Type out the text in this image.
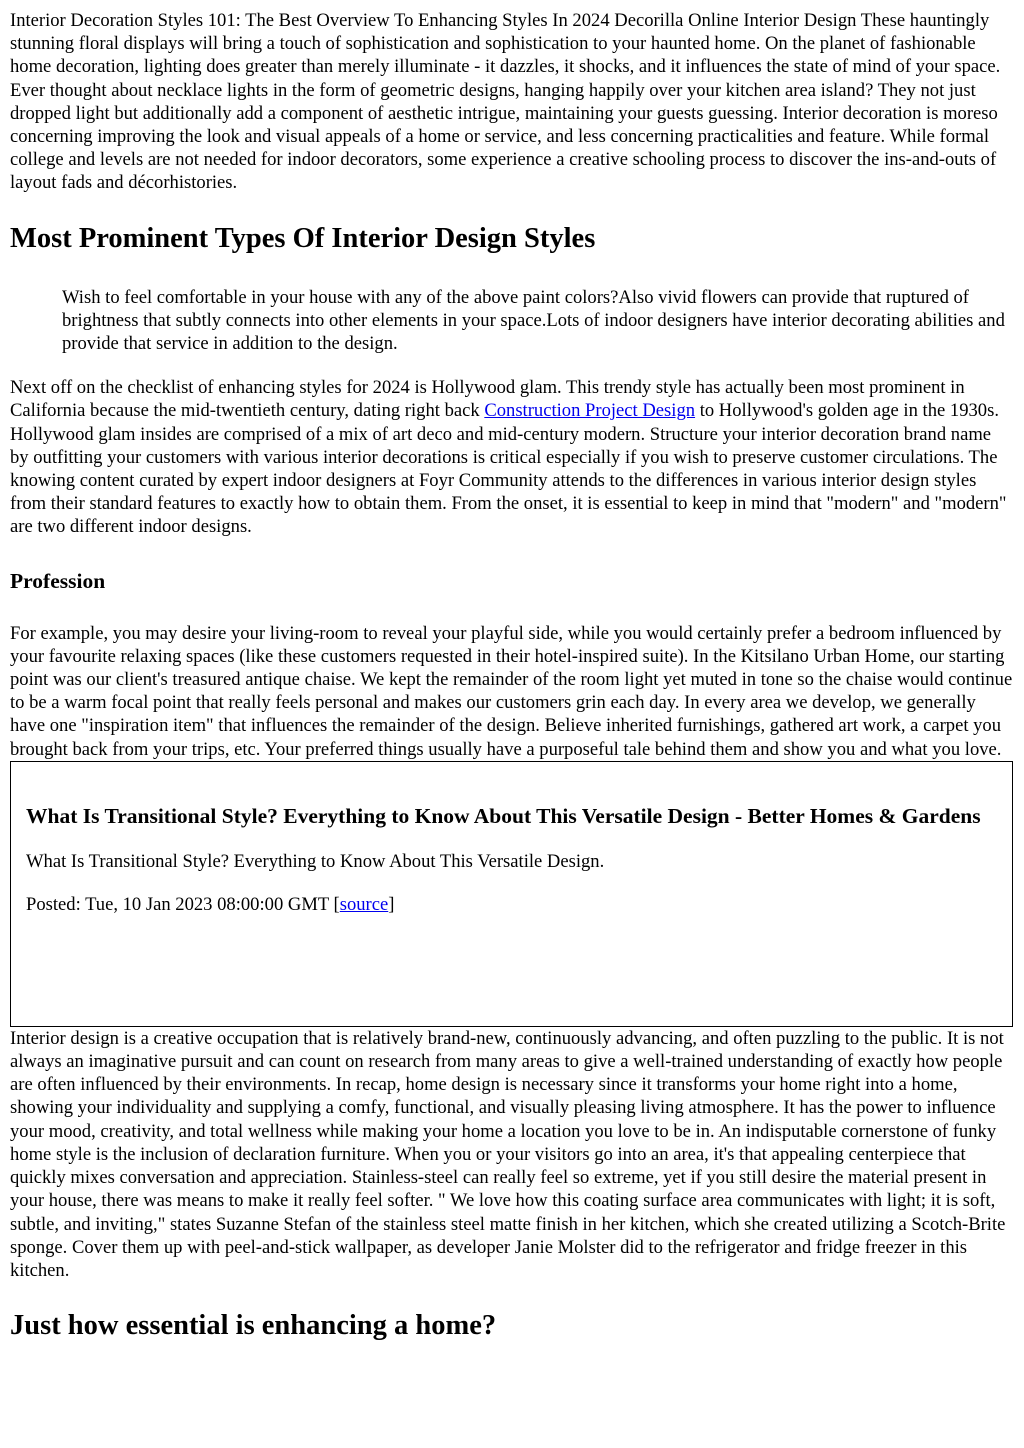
Interior Decoration Styles 101: The Best Overview To Enhancing Styles In 2024 Decorilla Online Interior Design These hauntingly stunning floral displays will bring a touch of sophistication and sophistication to your haunted home. On the planet of fashionable home decoration, lighting does greater than merely illuminate - it dazzles, it shocks, and it influences the state of mind of your space. Ever thought about necklace lights in the form of geometric designs, hanging happily over your kitchen area island? They not just dropped light but additionally add a component of aesthetic intrigue, maintaining your guests guessing. Interior decoration is moreso concerning improving the look and visual appeals of a home or service, and less concerning practicalities and feature. While formal college and levels are not needed for indoor decorators, some experience a creative schooling process to discover the ins-and-outs of layout fads and décorhistories.

Most Prominent Types Of Interior Design Styles
Wish to feel comfortable in your house with any of the above paint colors?Also vivid flowers can provide that ruptured of brightness that subtly connects into other elements in your space.Lots of indoor designers have interior decorating abilities and provide that service in addition to the design.

Next off on the checklist of enhancing styles for 2024 is Hollywood glam. This trendy style has actually been most prominent in California because the mid-twentieth century, dating right back Construction Project Design to Hollywood's golden age in the 1930s. Hollywood glam insides are comprised of a mix of art deco and mid-century modern. Structure your interior decoration brand name by outfitting your customers with various interior decorations is critical especially if you wish to preserve customer circulations. The knowing content curated by expert indoor designers at Foyr Community attends to the differences in various interior design styles from their standard features to exactly how to obtain them. From the onset, it is essential to keep in mind that "modern" and "modern" are two different indoor designs.

Profession

For example, you may desire your living-room to reveal your playful side, while you would certainly prefer a bedroom influenced by your favourite relaxing spaces (like these customers requested in their hotel-inspired suite). In the Kitsilano Urban Home, our starting point was our client's treasured antique chaise. We kept the remainder of the room light yet muted in tone so the chaise would continue to be a warm focal point that really feels personal and makes our customers grin each day. In every area we develop, we generally have one "inspiration item" that influences the remainder of the design. Believe inherited furnishings, gathered art work, a carpet you brought back from your trips, etc. Your preferred things usually have a purposeful tale behind them and show you and what you love.

What Is Transitional Style? Everything to Know About This Versatile Design - Better Homes & Gardens

What Is Transitional Style? Everything to Know About This Versatile Design.

Posted: Tue, 10 Jan 2023 08:00:00 GMT [source]

Interior design is a creative occupation that is relatively brand-new, continuously advancing, and often puzzling to the public. It is not always an imaginative pursuit and can count on research from many areas to give a well-trained understanding of exactly how people are often influenced by their environments. In recap, home design is necessary since it transforms your home right into a home, showing your individuality and supplying a comfy, functional, and visually pleasing living atmosphere. It has the power to influence your mood, creativity, and total wellness while making your home a location you love to be in. An indisputable cornerstone of funky home style is the inclusion of declaration furniture. When you or your visitors go into an area, it's that appealing centerpiece that quickly mixes conversation and appreciation. Stainless-steel can really feel so extreme, yet if you still desire the material present in your house, there was means to make it really feel softer. " We love how this coating surface area communicates with light; it is soft, subtle, and inviting," states Suzanne Stefan of the stainless steel matte finish in her kitchen, which she created utilizing a Scotch-Brite sponge. Cover them up with peel-and-stick wallpaper, as developer Janie Molster did to the refrigerator and fridge freezer in this kitchen.

Just how essential is enhancing a home?
